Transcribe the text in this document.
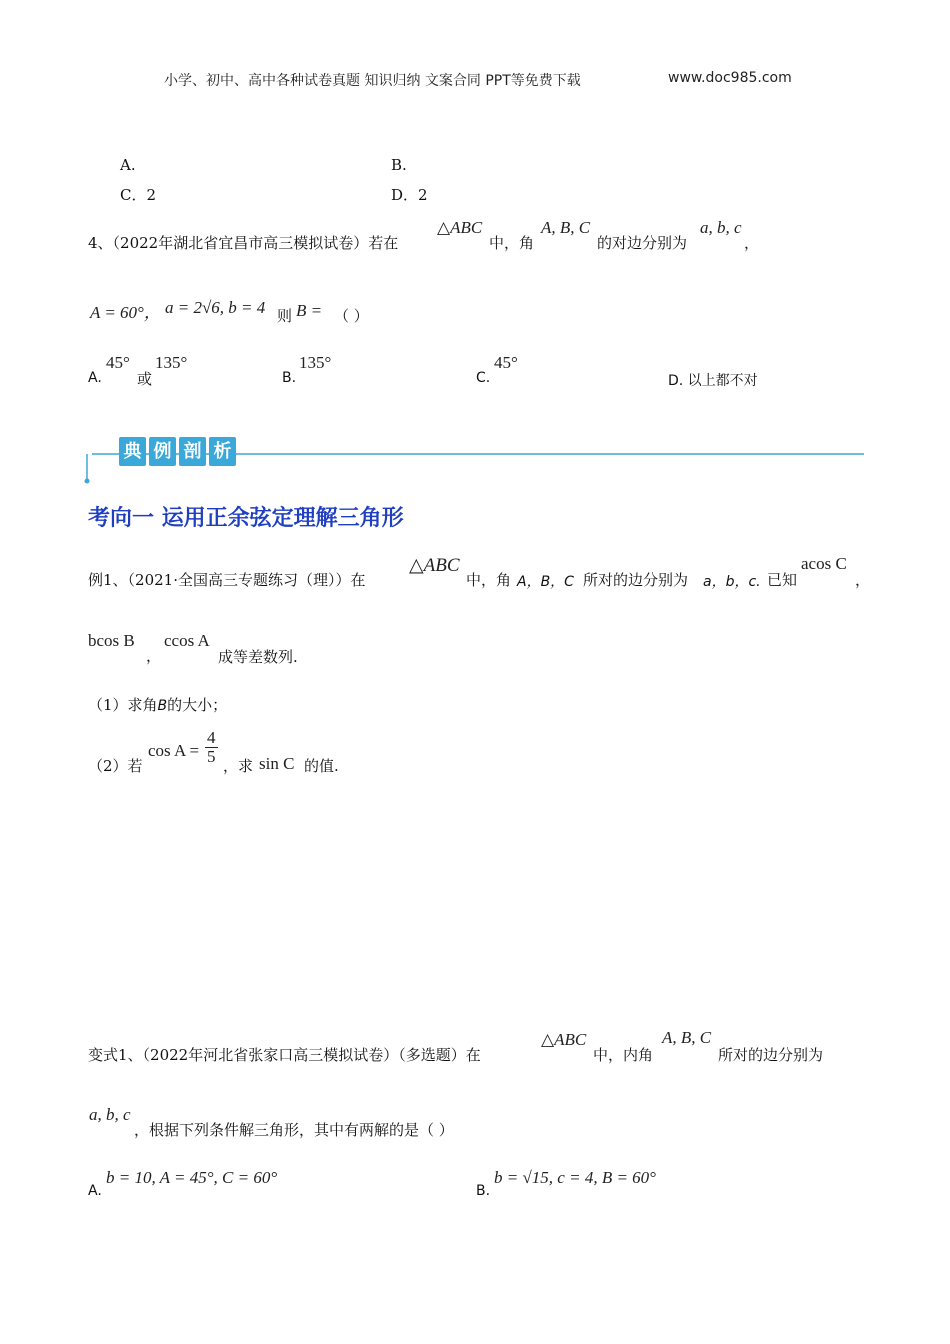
小学、初中、高中各种试卷真题 知识归纳 文案合同 PPT等免费下载	www.doc985.com
A.	B.
C．2	D．2
4、（2022年湖北省宜昌市高三模拟试卷）若在
△ABC
中，角
A, B, C
的对边分别为
a, b, c
，
A = 60°， a = 2√6, b = 4 则 B = （ ）
A.
45°
或
135°
B.
135°
C.
45°
D. 以上都不对
典 例 剖 析
考向一 运用正余弦定理解三角形
例1、（2021·全国高三专题练习（理））在
△ABC
中，角 A，B，C 所对的边分别为 a，b，c. 已知
acos C
，
bcos B
，
ccos A
成等差数列.
（1）求角B的大小；
（2）若
$\cos A = \frac{4}{5}$ ，求 sin C 的值.
变式1、（2022年河北省张家口高三模拟试卷）（多选题）在
△ABC
中，内角
A, B, C
所对的边分别为
a, b, c
，根据下列条件解三角形，其中有两解的是（ ）
A.
b = 10, A = 45°, C = 60°
B.
b = √15, c = 4, B = 60°
